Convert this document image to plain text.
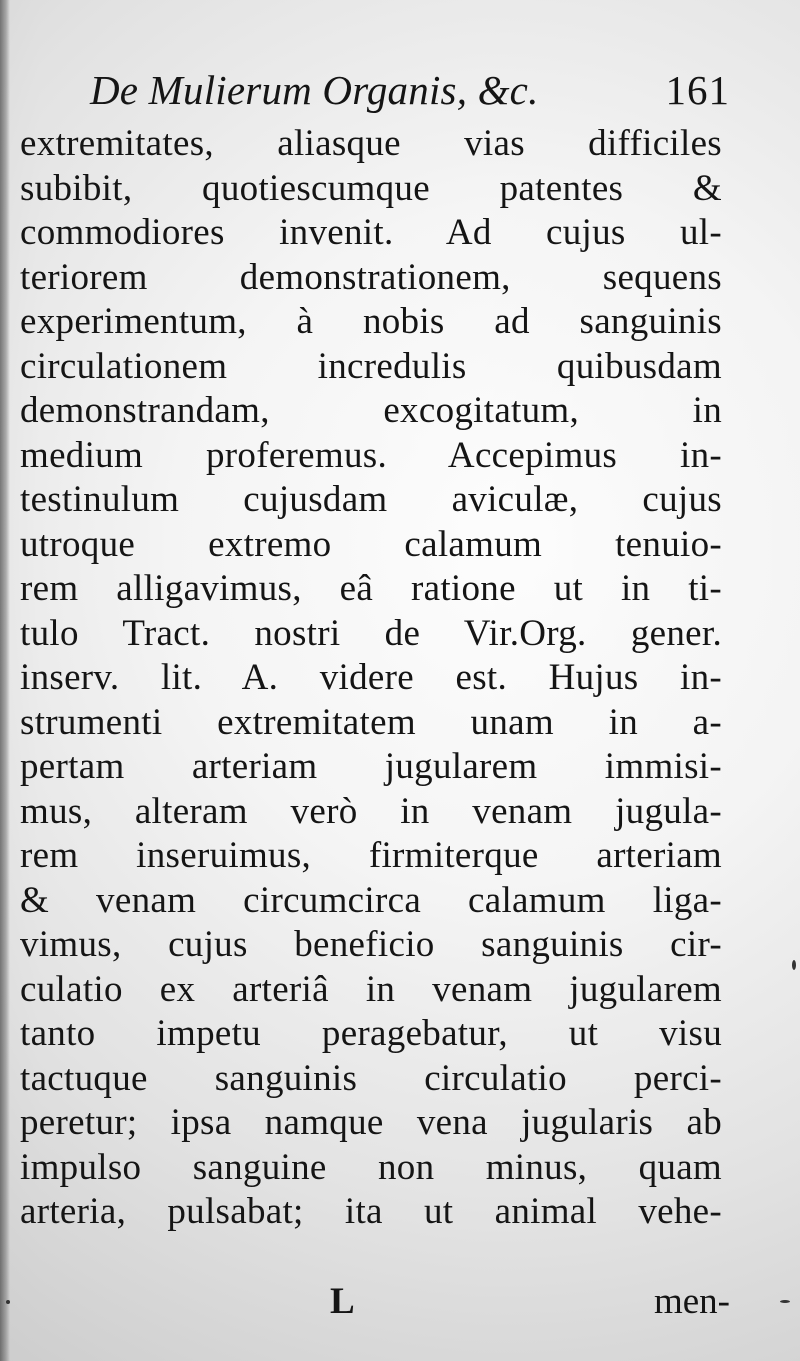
De Mulierum Organis, &c.	161
extremitates, aliasque vias difficiles
subibit, quotiescumque patentes &
commodiores invenit. Ad cujus ul-
teriorem demonstrationem, sequens
experimentum, à nobis ad sanguinis
circulationem incredulis quibusdam
demonstrandam, excogitatum, in
medium proferemus. Accepimus in-
testinulum cujusdam aviculæ, cujus
utroque extremo calamum tenuio-
rem alligavimus, eâ ratione ut in ti-
tulo Tract. nostri de Vir.Org. gener.
inserv. lit. A. videre est. Hujus in-
strumenti extremitatem unam in a-
pertam arteriam jugularem immisi-
mus, alteram verò in venam jugula-
rem inseruimus, firmiterque arteriam
& venam circumcirca calamum liga-
vimus, cujus beneficio sanguinis cir-
culatio ex arteriâ in venam jugularem
tanto impetu peragebatur, ut visu
tactuque sanguinis circulatio perci-
peretur; ipsa namque vena jugularis ab
impulso sanguine non minus, quam
arteria, pulsabat; ita ut animal vehe-
L	men-
